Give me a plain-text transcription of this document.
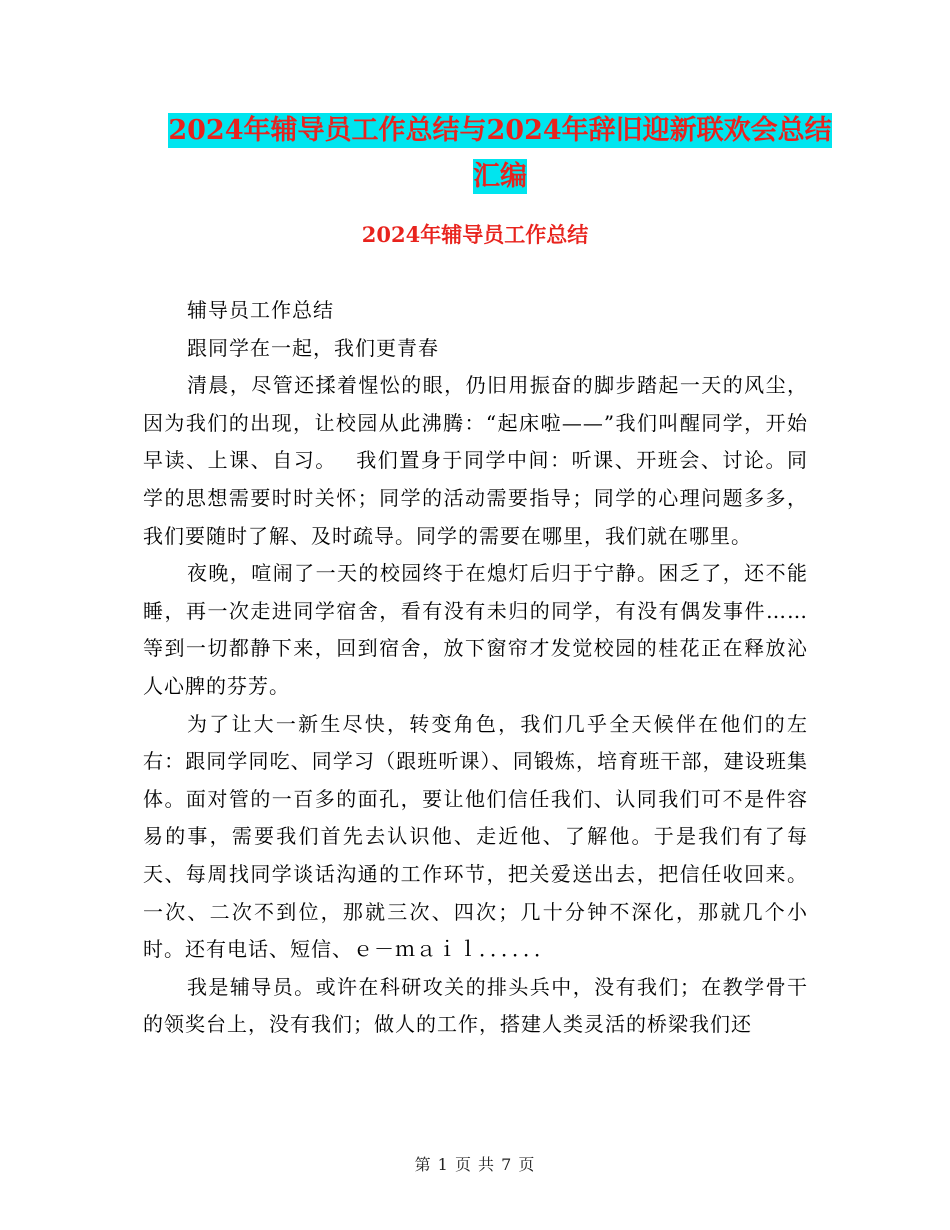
2024年辅导员工作总结与2024年辞旧迎新联欢会总结
汇编
2024年辅导员工作总结

辅导员工作总结

跟同学在一起，我们更青春

清晨，尽管还揉着惺忪的眼，仍旧用振奋的脚步踏起一天的风尘，因为我们的出现，让校园从此沸腾：“起床啦——”我们叫醒同学，开始早读、上课、自习。　 我们置身于同学中间：听课、开班会、讨论。同学的思想需要时时关怀；同学的活动需要指导；同学的心理问题多多，我们要随时了解、及时疏导。同学的需要在哪里，我们就在哪里。

夜晚，喧闹了一天的校园终于在熄灯后归于宁静。困乏了，还不能睡，再一次走进同学宿舍，看有没有未归的同学，有没有偶发事件……等到一切都静下来，回到宿舍，放下窗帘才发觉校园的桂花正在释放沁人心脾的芬芳。

为了让大一新生尽快，转变角色，我们几乎全天候伴在他们的左右：跟同学同吃、同学习（跟班听课）、同锻炼，培育班干部，建设班集体。面对管的一百多的面孔，要让他们信任我们、认同我们可不是件容易的事，需要我们首先去认识他、走近他、了解他。于是我们有了每天、每周找同学谈话沟通的工作环节，把关爱送出去，把信任收回来。一次、二次不到位，那就三次、四次；几十分钟不深化，那就几个小时。还有电话、短信、ｅ－ｍａｉｌ．．．．．．

我是辅导员。或许在科研攻关的排头兵中，没有我们；在教学骨干的领奖台上，没有我们；做人的工作，搭建人类灵活的桥梁我们还

第 1 页 共 7 页
